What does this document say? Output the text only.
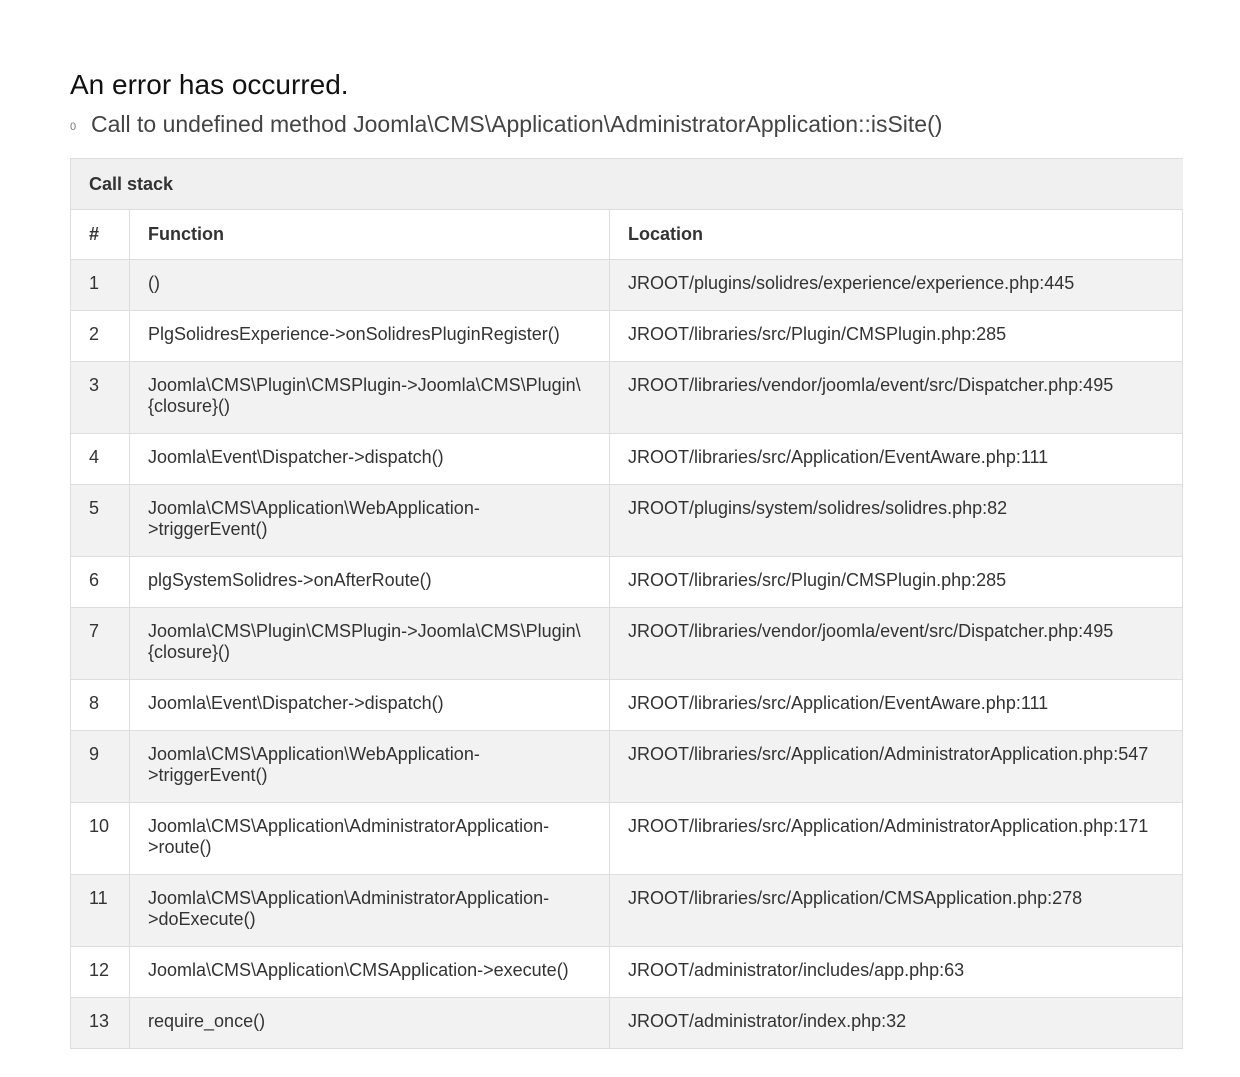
An error has occurred.
0 Call to undefined method Joomla\CMS\Application\AdministratorApplication::isSite()
Call stack		
#	Function	Location
1	()	JROOT/plugins/solidres/experience/experience.php:445
2	PlgSolidresExperience->onSolidresPluginRegister()	JROOT/libraries/src/Plugin/CMSPlugin.php:285
3	Joomla\CMS\Plugin\CMSPlugin->Joomla\CMS\Plugin\{closure}()	JROOT/libraries/vendor/joomla/event/src/Dispatcher.php:495
4	Joomla\Event\Dispatcher->dispatch()	JROOT/libraries/src/Application/EventAware.php:111
5	Joomla\CMS\Application\WebApplication->triggerEvent()	JROOT/plugins/system/solidres/solidres.php:82
6	plgSystemSolidres->onAfterRoute()	JROOT/libraries/src/Plugin/CMSPlugin.php:285
7	Joomla\CMS\Plugin\CMSPlugin->Joomla\CMS\Plugin\{closure}()	JROOT/libraries/vendor/joomla/event/src/Dispatcher.php:495
8	Joomla\Event\Dispatcher->dispatch()	JROOT/libraries/src/Application/EventAware.php:111
9	Joomla\CMS\Application\WebApplication->triggerEvent()	JROOT/libraries/src/Application/AdministratorApplication.php:547
10	Joomla\CMS\Application\AdministratorApplication->route()	JROOT/libraries/src/Application/AdministratorApplication.php:171
11	Joomla\CMS\Application\AdministratorApplication->doExecute()	JROOT/libraries/src/Application/CMSApplication.php:278
12	Joomla\CMS\Application\CMSApplication->execute()	JROOT/administrator/includes/app.php:63
13	require_once()	JROOT/administrator/index.php:32
